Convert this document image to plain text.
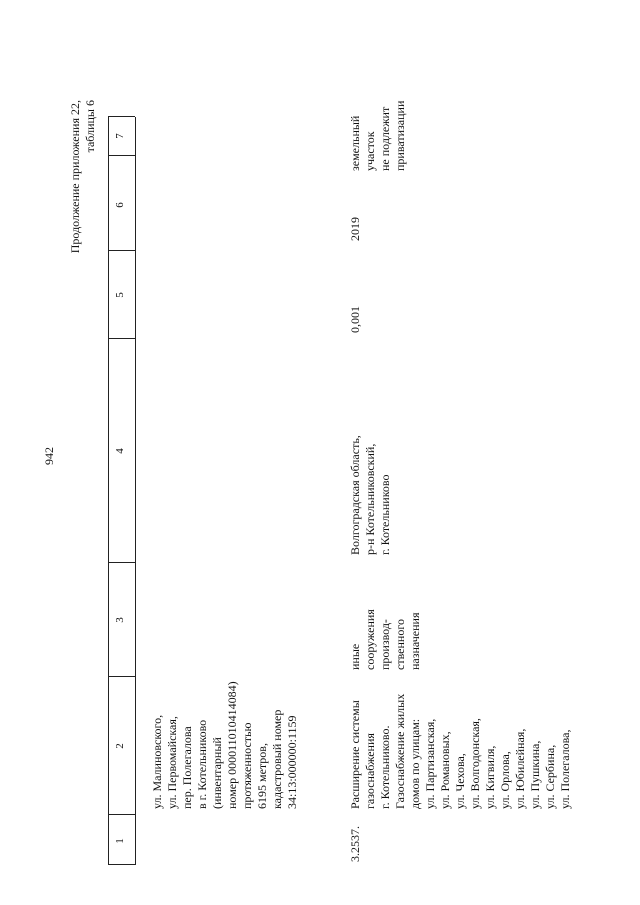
942
Продолжение приложения 22, таблицы 6
1
2
3
4
5
6
7
ул. Малиновского, ул. Первомайская, пер. Полегалова в г. Котельниково (инвентарный номер 000011010414084) протяженностью 6195 метров, кадастровый номер 34:13:000000:1159
3.2537.
Расширение системы газоснабжения г. Котельниково. Газоснабжение жилых домов по улицам: ул. Партизанская, ул. Романовых, ул. Чехова, ул. Волгодонская, ул. Кигвиля, ул. Орлова, ул. Юбилейная, ул. Пушкина, ул. Сербина, ул. Полегалова,
иные сооружения производ- ственного назначения
Волгоградская область, р-н Котельниковский, г. Котельниково
0,001
2019
земельный участок не подлежит приватизации
